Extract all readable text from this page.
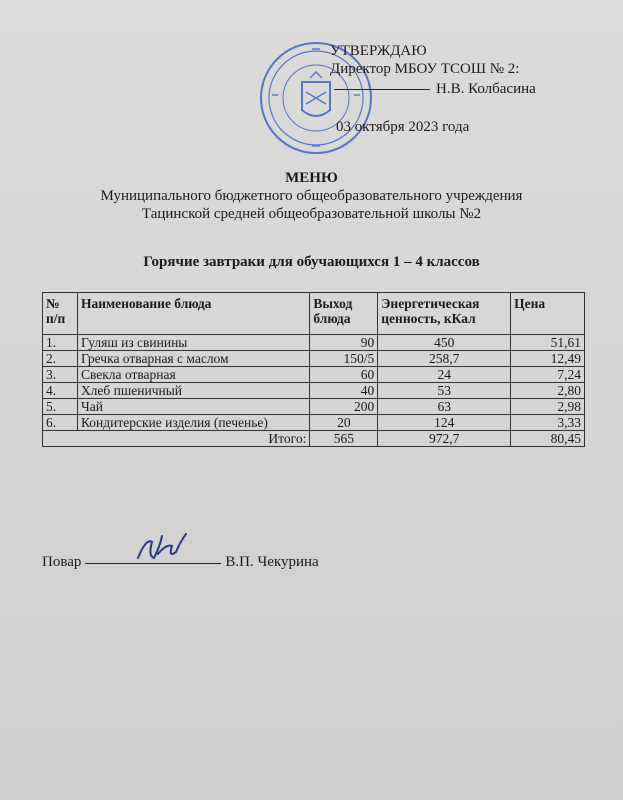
УТВЕРЖДАЮ
Директор МБОУ ТСОШ № 2:
Н.В. Колбасина
03 октября 2023 года
МЕНЮ
Муниципального бюджетного общеобразовательного учреждения
Тацинской средней общеобразовательной школы №2
Горячие завтраки для обучающихся 1 – 4 классов
№ п/п	Наименование блюда	Выход блюда	Энергетическая ценность, кКал	Цена
1.	Гуляш из свинины	90	450	51,61
2.	Гречка отварная с маслом	150/5	258,7	12,49
3.	Свекла отварная	60	24	7,24
4.	Хлеб пшеничный	40	53	2,80
5.	Чай	200	63	2,98
6.	Кондитерские изделия (печенье)	20	124	3,33
Итого:		565	972,7	80,45
Повар	В.П. Чекурина
